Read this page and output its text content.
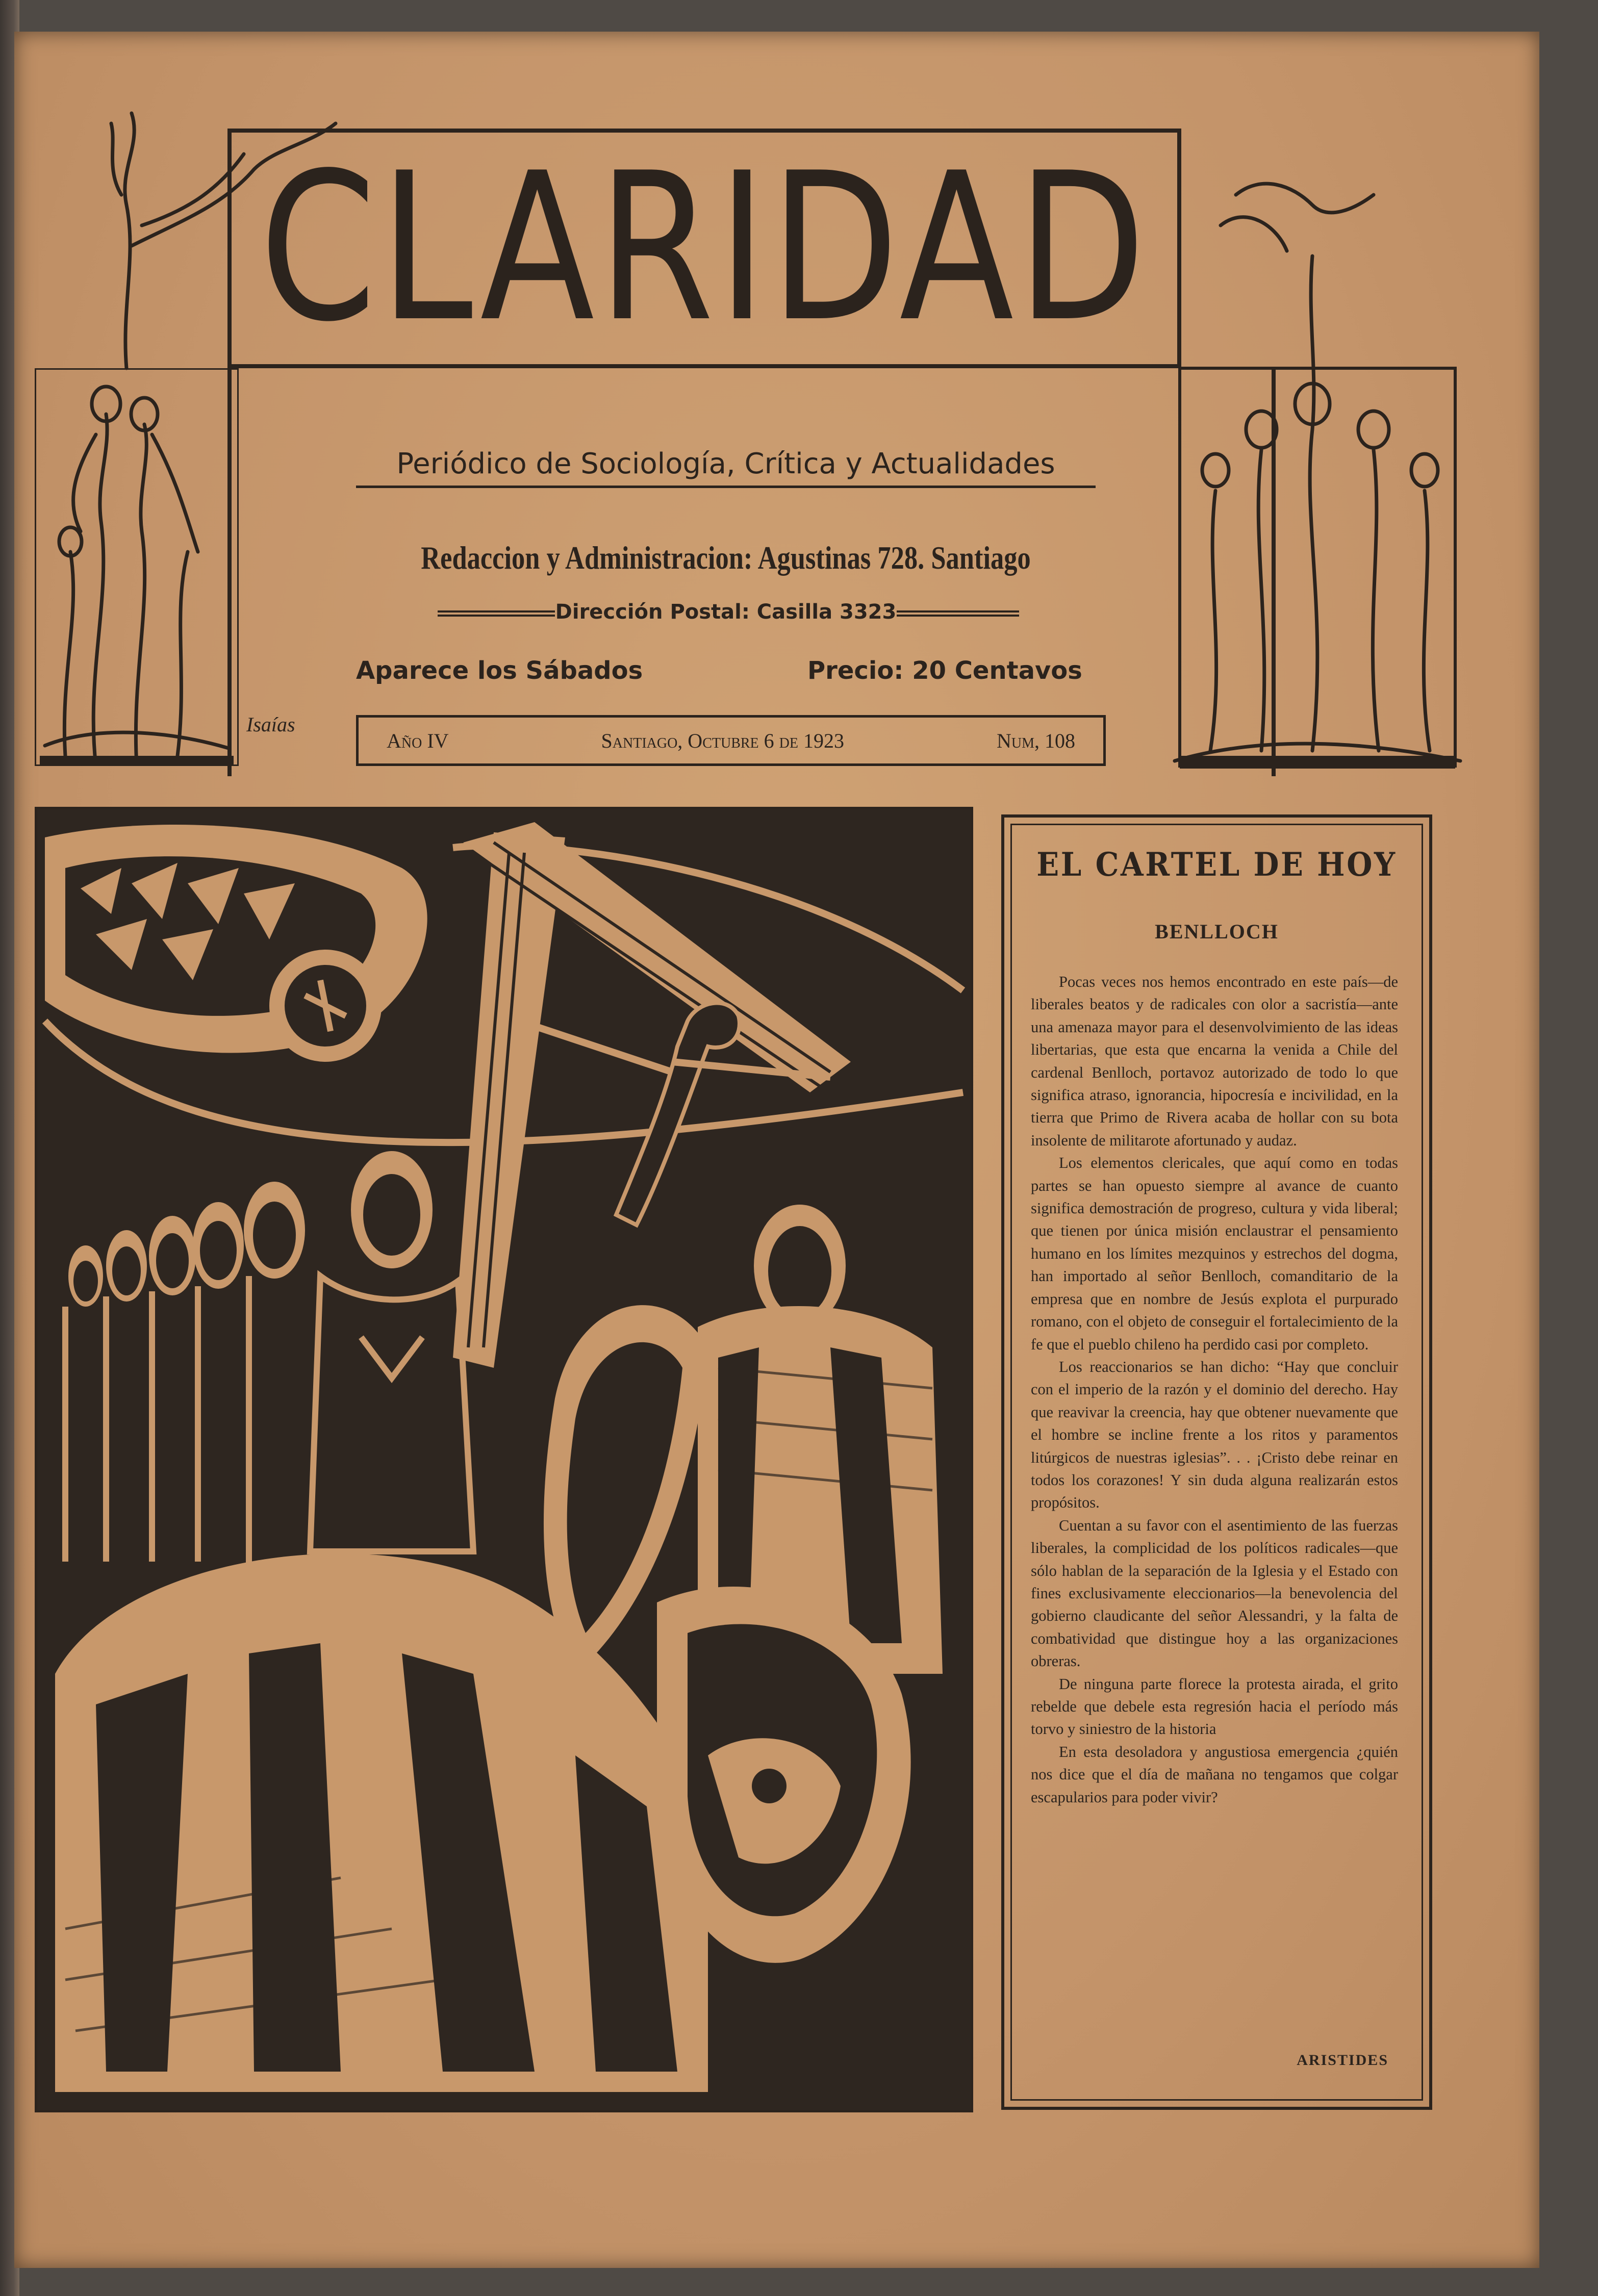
CLARIDAD
Periódico de Sociología, Crítica y Actualidades
Redaccion y Administracion: Agustinas 728. Santiago
Dirección Postal: Casilla 3323
Aparece los Sábados	Precio: 20 Centavos
Isaías
Año IV	Santiago, Octubre 6 de 1923	Num, 108
EL CARTEL DE HOY
BENLLOCH

Pocas veces nos hemos encontrado en este país—de liberales beatos y de radicales con olor a sacristía—ante una amenaza mayor para el desenvolvimiento de las ideas libertarias, que esta que encarna la venida a Chile del cardenal Benlloch, portavoz autorizado de todo lo que significa atraso, ignorancia, hipocresía e incivilidad, en la tierra que Primo de Rivera acaba de hollar con su bota insolente de militarote afortunado y audaz.

Los elementos clericales, que aquí como en todas partes se han opuesto siempre al avance de cuanto significa demostración de progreso, cultura y vida liberal; que tienen por única misión enclaustrar el pensamiento humano en los límites mezquinos y estrechos del dogma, han importado al señor Benlloch, comanditario de la empresa que en nombre de Jesús explota el purpurado romano, con el objeto de conseguir el fortalecimiento de la fe que el pueblo chileno ha perdido casi por completo.

Los reaccionarios se han dicho: “Hay que concluir con el imperio de la razón y el dominio del derecho. Hay que reavivar la creencia, hay que obtener nuevamente que el hombre se incline frente a los ritos y paramentos litúrgicos de nuestras iglesias”. . . ¡Cristo debe reinar en todos los corazones! Y sin duda alguna realizarán estos propósitos.

Cuentan a su favor con el asentimiento de las fuerzas liberales, la complicidad de los políticos radicales—que sólo hablan de la separación de la Iglesia y el Estado con fines exclusivamente eleccionarios—la benevolencia del gobierno claudicante del señor Alessandri, y la falta de combatividad que distingue hoy a las organizaciones obreras.

De ninguna parte florece la protesta airada, el grito rebelde que debele esta regresión hacia el período más torvo y siniestro de la historia

En esta desoladora y angustiosa emergencia ¿quién nos dice que el día de mañana no tengamos que colgar escapularios para poder vivir?

ARISTIDES
